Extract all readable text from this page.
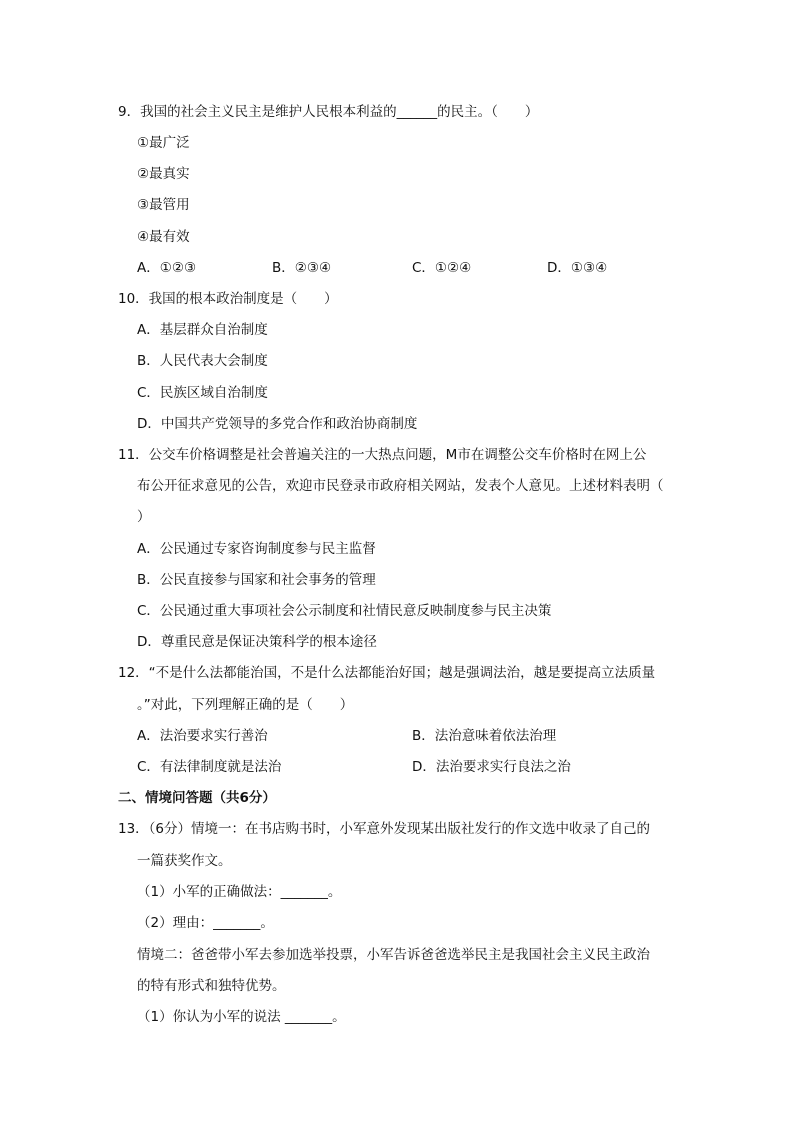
9．我国的社会主义民主是维护人民根本利益的______的民主。（　　）
①最广泛
②最真实
③最管用
④最有效
A．①②③	B．②③④	C．①②④	D．①③④
10．我国的根本政治制度是（　　）
A．基层群众自治制度
B．人民代表大会制度
C．民族区域自治制度
D．中国共产党领导的多党合作和政治协商制度
11．公交车价格调整是社会普遍关注的一大热点问题，M市在调整公交车价格时在网上公
布公开征求意见的公告，欢迎市民登录市政府相关网站，发表个人意见。上述材料表明（
）
A．公民通过专家咨询制度参与民主监督
B．公民直接参与国家和社会事务的管理
C．公民通过重大事项社会公示制度和社情民意反映制度参与民主决策
D．尊重民意是保证决策科学的根本途径
12．“不是什么法都能治国，不是什么法都能治好国；越是强调法治，越是要提高立法质量
。”对此，下列理解正确的是（　　）
A．法治要求实行善治	B．法治意味着依法治理
C．有法律制度就是法治	D．法治要求实行良法之治
二、情境问答题（共6分）
13．（6分）情境一：在书店购书时，小军意外发现某出版社发行的作文选中收录了自己的
一篇获奖作文。
（1）小军的正确做法：_______。
（2）理由：_______。
情境二：爸爸带小军去参加选举投票，小军告诉爸爸选举民主是我国社会主义民主政治
的特有形式和独特优势。
（1）你认为小军的说法 _______。
